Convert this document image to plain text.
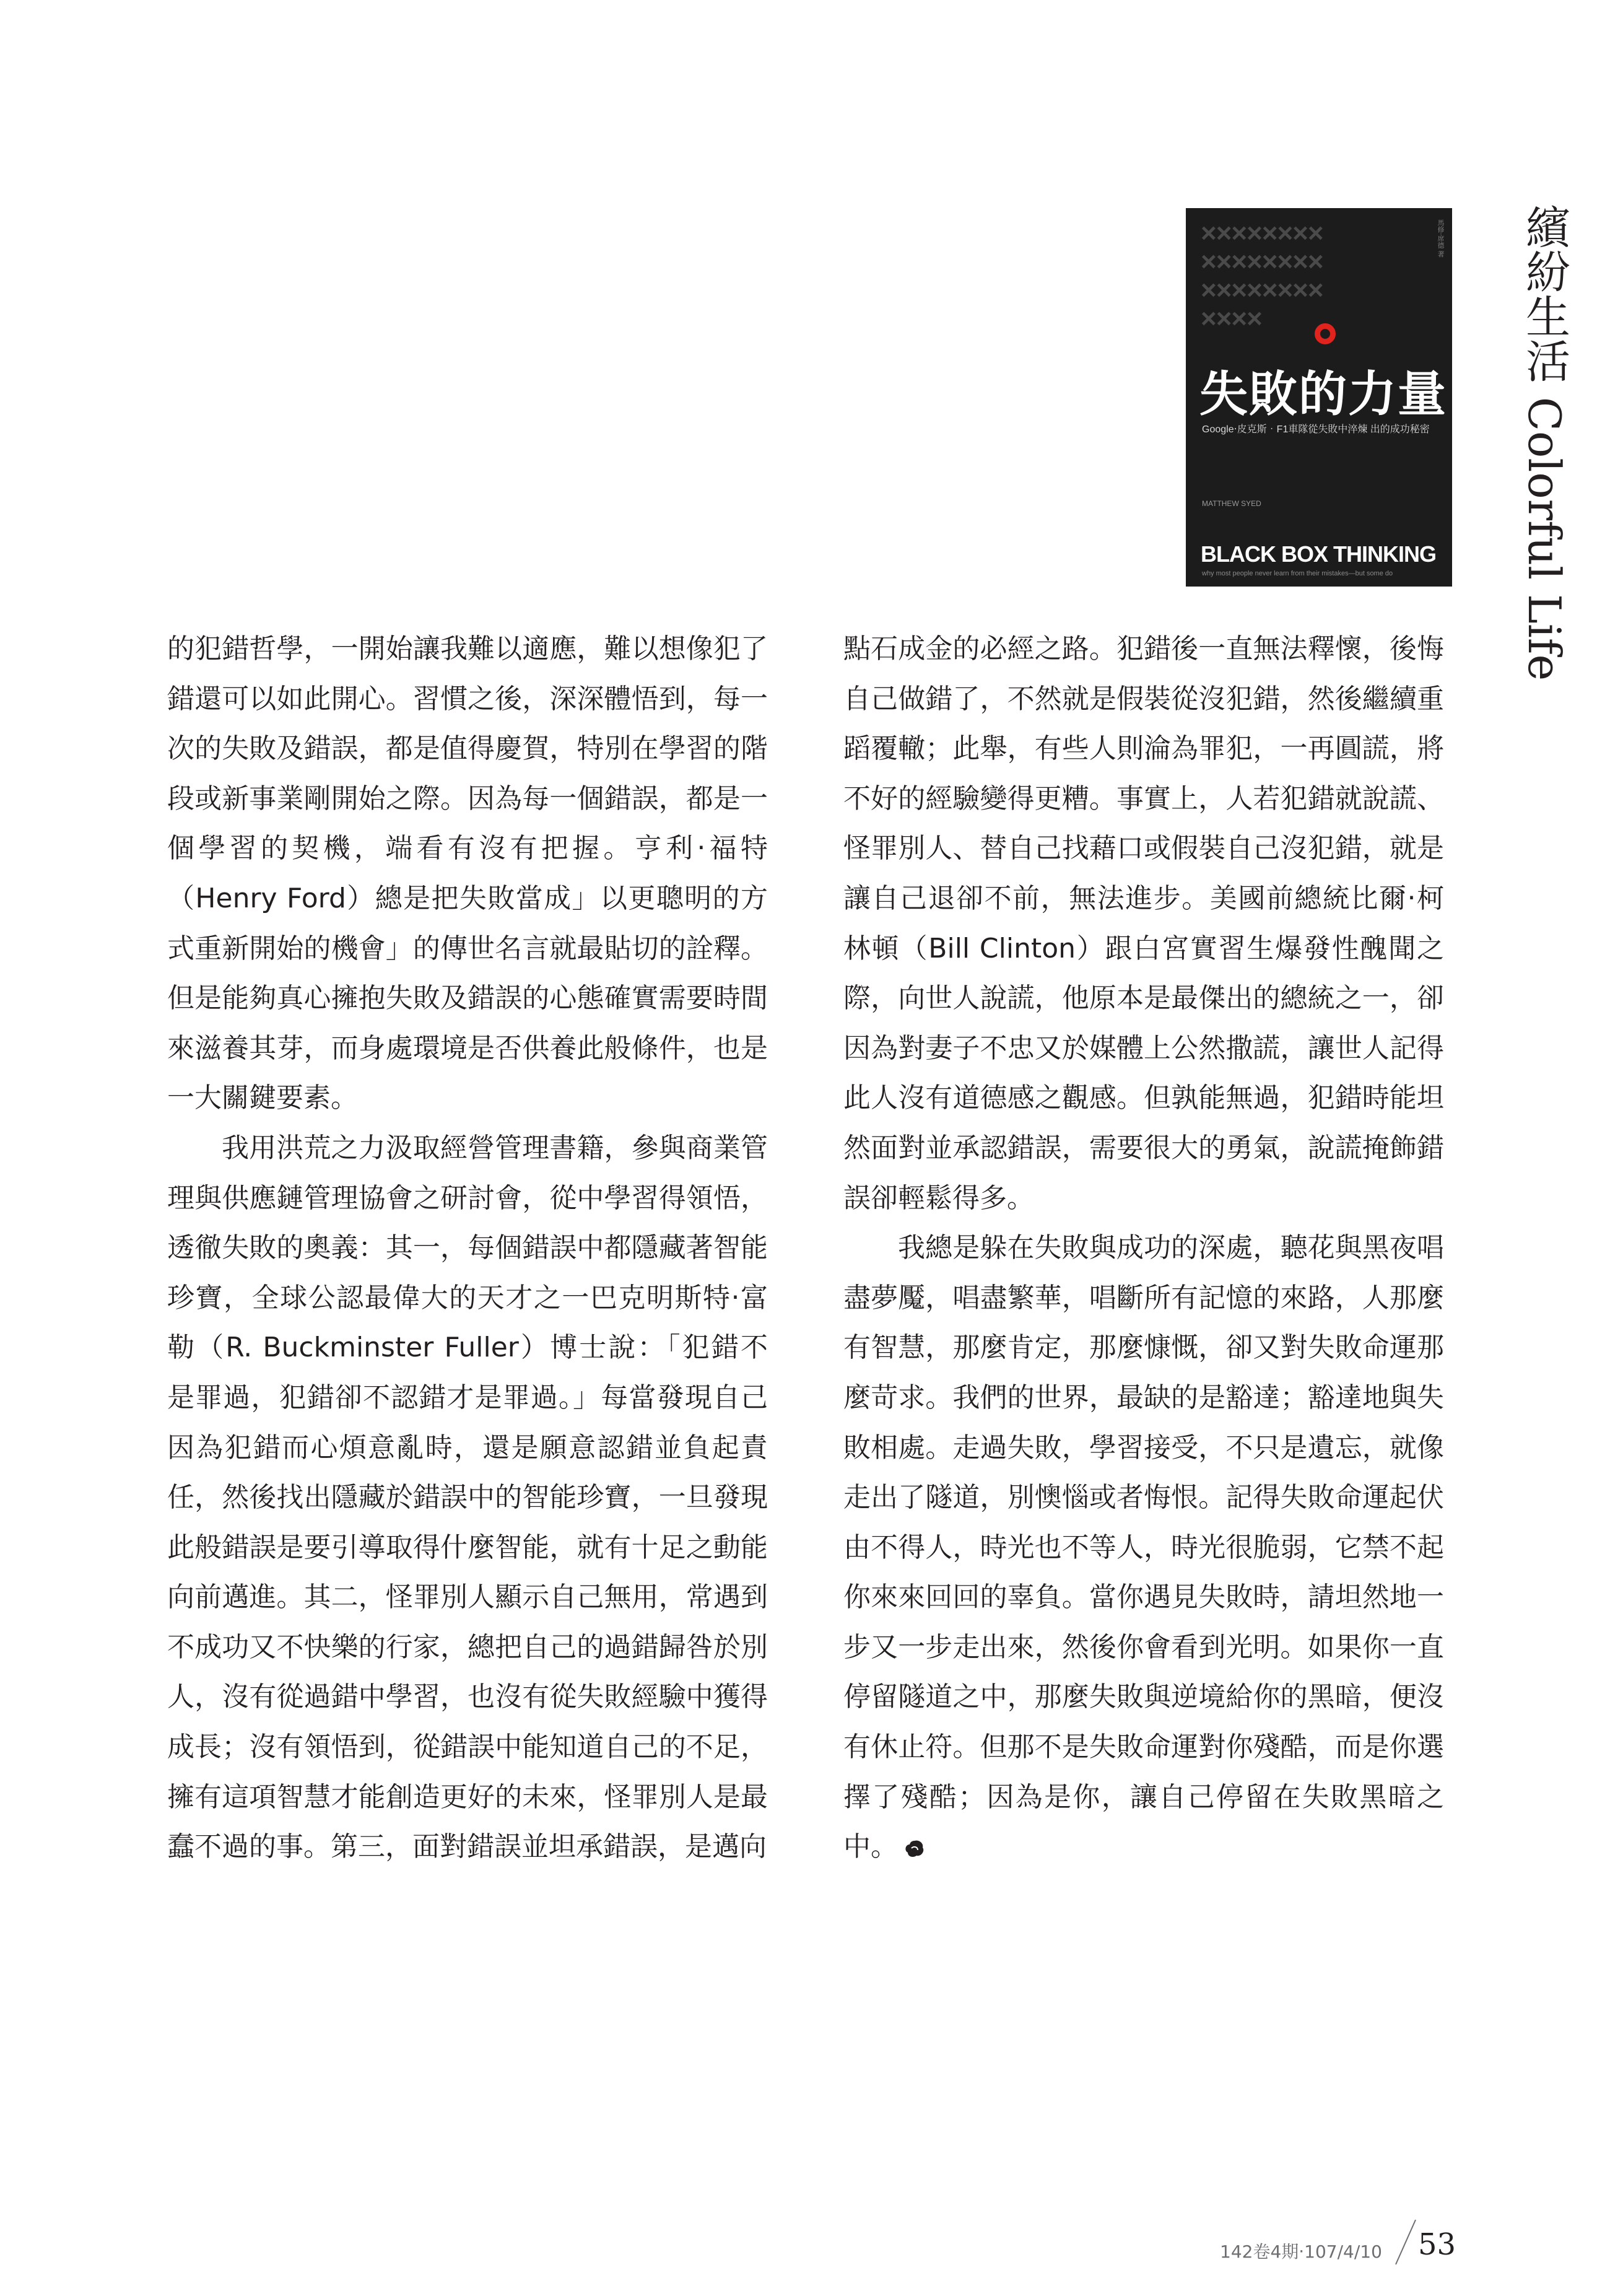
繽紛生活 Colorful Life
××××××××
××××××××
××××××××
××××
馬修‧席德 著
失敗的力量
Google‧皮克斯‧F1車隊從失敗中淬煉 出的成功秘密
MATTHEW SYED
BLACK BOX THINKING
why most people never learn from their mistakes—but some do

的犯錯哲學，一開始讓我難以適應，難以想像犯了錯還可以如此開心。習慣之後，深深體悟到，每一次的失敗及錯誤，都是值得慶賀，特別在學習的階段或新事業剛開始之際。因為每一個錯誤，都是一個學習的契機，端看有沒有把握。亨利‧福特（Henry Ford）總是把失敗當成」以更聰明的方式重新開始的機會」的傳世名言就最貼切的詮釋。但是能夠真心擁抱失敗及錯誤的心態確實需要時間來滋養其芽，而身處環境是否供養此般條件，也是一大關鍵要素。

我用洪荒之力汲取經營管理書籍，參與商業管理與供應鏈管理協會之研討會，從中學習得領悟，透徹失敗的奧義：其一，每個錯誤中都隱藏著智能珍寶，全球公認最偉大的天才之一巴克明斯特‧富勒（R. Buckminster Fuller）博士說：「犯錯不是罪過，犯錯卻不認錯才是罪過。」每當發現自己因為犯錯而心煩意亂時，還是願意認錯並負起責任，然後找出隱藏於錯誤中的智能珍寶，一旦發現此般錯誤是要引導取得什麼智能，就有十足之動能向前邁進。其二，怪罪別人顯示自己無用，常遇到不成功又不快樂的行家，總把自己的過錯歸咎於別人，沒有從過錯中學習，也沒有從失敗經驗中獲得成長；沒有領悟到，從錯誤中能知道自己的不足，擁有這項智慧才能創造更好的未來，怪罪別人是最蠢不過的事。第三，面對錯誤並坦承錯誤，是邁向

點石成金的必經之路。犯錯後一直無法釋懷，後悔自己做錯了，不然就是假裝從沒犯錯，然後繼續重蹈覆轍；此舉，有些人則淪為罪犯，一再圓謊，將不好的經驗變得更糟。事實上，人若犯錯就說謊、怪罪別人、替自己找藉口或假裝自己沒犯錯，就是讓自己退卻不前，無法進步。美國前總統比爾‧柯林頓（Bill Clinton）跟白宮實習生爆發性醜聞之際，向世人說謊，他原本是最傑出的總統之一，卻因為對妻子不忠又於媒體上公然撒謊，讓世人記得此人沒有道德感之觀感。但孰能無過，犯錯時能坦然面對並承認錯誤，需要很大的勇氣，說謊掩飾錯誤卻輕鬆得多。

我總是躲在失敗與成功的深處，聽花與黑夜唱盡夢魘，唱盡繁華，唱斷所有記憶的來路，人那麼有智慧，那麼肯定，那麼慷慨，卻又對失敗命運那麼苛求。我們的世界，最缺的是豁達；豁達地與失敗相處。走過失敗，學習接受，不只是遺忘，就像走出了隧道，別懊惱或者悔恨。記得失敗命運起伏由不得人，時光也不等人，時光很脆弱，它禁不起你來來回回的辜負。當你遇見失敗時，請坦然地一步又一步走出來，然後你會看到光明。如果你一直停留隧道之中，那麼失敗與逆境給你的黑暗，便沒有休止符。但那不是失敗命運對你殘酷，而是你選擇了殘酷；因為是你，讓自己停留在失敗黑暗之中。

142卷4期‧107/4/10 53
